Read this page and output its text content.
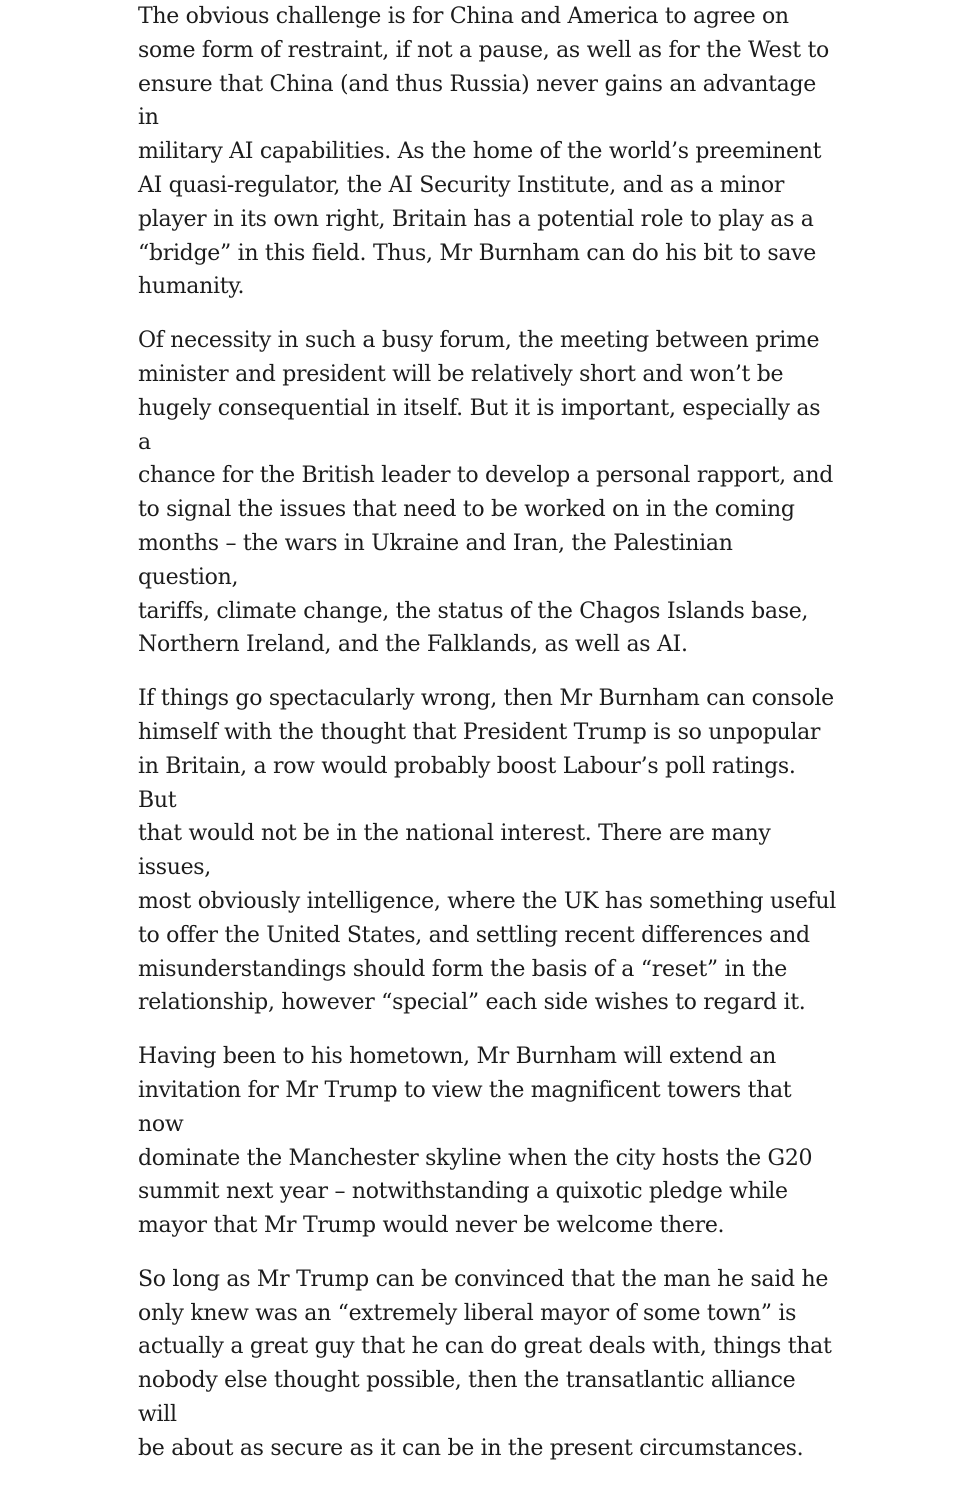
The obvious challenge is for China and America to agree on
some form of restraint, if not a pause, as well as for the West to
ensure that China (and thus Russia) never gains an advantage in
military AI capabilities. As the home of the world’s preeminent
AI quasi-regulator, the AI Security Institute, and as a minor
player in its own right, Britain has a potential role to play as a
“bridge” in this field. Thus, Mr Burnham can do his bit to save
humanity.

Of necessity in such a busy forum, the meeting between prime
minister and president will be relatively short and won’t be
hugely consequential in itself. But it is important, especially as a
chance for the British leader to develop a personal rapport, and
to signal the issues that need to be worked on in the coming
months – the wars in Ukraine and Iran, the Palestinian question,
tariffs, climate change, the status of the Chagos Islands base,
Northern Ireland, and the Falklands, as well as AI.

If things go spectacularly wrong, then Mr Burnham can console
himself with the thought that President Trump is so unpopular
in Britain, a row would probably boost Labour’s poll ratings. But
that would not be in the national interest. There are many issues,
most obviously intelligence, where the UK has something useful
to offer the United States, and settling recent differences and
misunderstandings should form the basis of a “reset” in the
relationship, however “special” each side wishes to regard it.

Having been to his hometown, Mr Burnham will extend an
invitation for Mr Trump to view the magnificent towers that now
dominate the Manchester skyline when the city hosts the G20
summit next year – notwithstanding a quixotic pledge while
mayor that Mr Trump would never be welcome there.

So long as Mr Trump can be convinced that the man he said he
only knew was an “extremely liberal mayor of some town” is
actually a great guy that he can do great deals with, things that
nobody else thought possible, then the transatlantic alliance will
be about as secure as it can be in the present circumstances.
